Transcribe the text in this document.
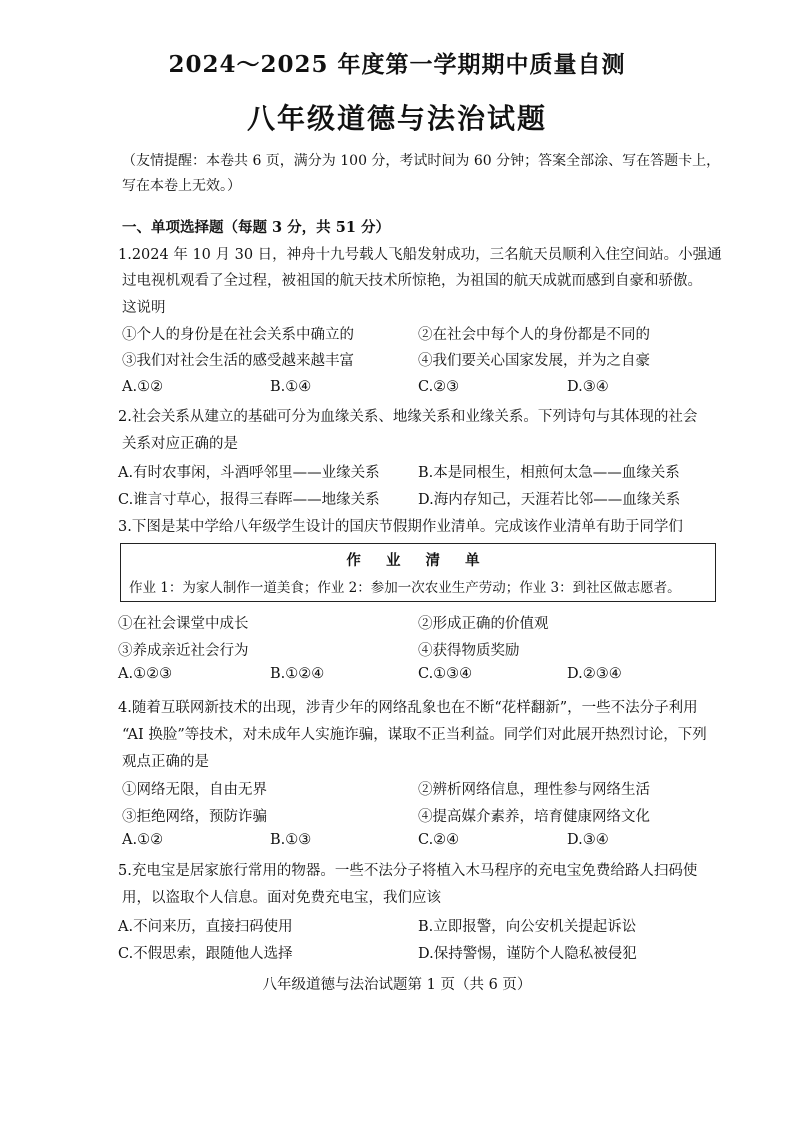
2024～2025 年度第一学期期中质量自测
八年级道德与法治试题
（友情提醒：本卷共 6 页，满分为 100 分，考试时间为 60 分钟；答案全部涂、写在答题卡上，
写在本卷上无效。）
一、单项选择题（每题 3 分，共 51 分）
1.2024 年 10 月 30 日，神舟十九号载人飞船发射成功，三名航天员顺利入住空间站。小强通
过电视机观看了全过程，被祖国的航天技术所惊艳，为祖国的航天成就而感到自豪和骄傲。
这说明
①个人的身份是在社会关系中确立的	②在社会中每个人的身份都是不同的
③我们对社会生活的感受越来越丰富	④我们要关心国家发展，并为之自豪
A.①②	B.①④	C.②③	D.③④
2.社会关系从建立的基础可分为血缘关系、地缘关系和业缘关系。下列诗句与其体现的社会
关系对应正确的是
A.有时农事闲，斗酒呼邻里——业缘关系	B.本是同根生，相煎何太急——血缘关系
C.谁言寸草心，报得三春晖——地缘关系	D.海内存知己，天涯若比邻——血缘关系
3.下图是某中学给八年级学生设计的国庆节假期作业清单。完成该作业清单有助于同学们
作 业 清 单
作业 1：为家人制作一道美食；作业 2：参加一次农业生产劳动；作业 3：到社区做志愿者。
①在社会课堂中成长	②形成正确的价值观
③养成亲近社会行为	④获得物质奖励
A.①②③	B.①②④	C.①③④	D.②③④
4.随着互联网新技术的出现，涉青少年的网络乱象也在不断“花样翻新”，一些不法分子利用
“AI 换脸”等技术，对未成年人实施诈骗，谋取不正当利益。同学们对此展开热烈讨论，下列
观点正确的是
①网络无限，自由无界	②辨析网络信息，理性参与网络生活
③拒绝网络，预防诈骗	④提高媒介素养，培育健康网络文化
A.①②	B.①③	C.②④	D.③④
5.充电宝是居家旅行常用的物器。一些不法分子将植入木马程序的充电宝免费给路人扫码使
用，以盗取个人信息。面对免费充电宝，我们应该
A.不问来历，直接扫码使用	B.立即报警，向公安机关提起诉讼
C.不假思索，跟随他人选择	D.保持警惕，谨防个人隐私被侵犯
八年级道德与法治试题第 1 页（共 6 页）
